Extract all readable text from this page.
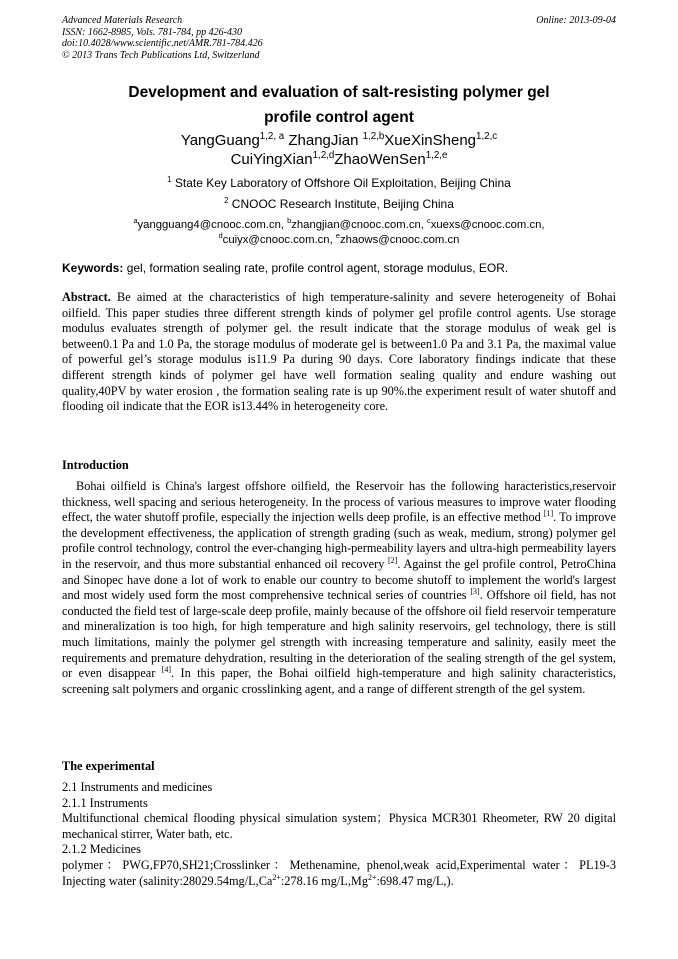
Advanced Materials Research
ISSN: 1662-8985, Vols. 781-784, pp 426-430
doi:10.4028/www.scientific.net/AMR.781-784.426
© 2013 Trans Tech Publications Ltd, Switzerland
Online: 2013-09-04
Development and evaluation of salt-resisting polymer gel
profile control agent
YangGuang$^{1,2, a}$ ZhangJian $^{1,2,b}$XueXinSheng$^{1,2,c}$
CuiYingXian$^{1,2,d}$ZhaoWenSen$^{1,2,e}$
$^1$ State Key Laboratory of Offshore Oil Exploitation, Beijing China
$^2$ CNOOC Research Institute, Beijing China
$^a$yangguang4@cnooc.com.cn, $^b$zhangjian@cnooc.com.cn, $^c$xuexs@cnooc.com.cn,
$^d$cuiyx@cnooc.com.cn, $^e$zhaows@cnooc.com.cn
Keywords: gel, formation sealing rate, profile control agent, storage modulus, EOR.
Abstract. Be aimed at the characteristics of high temperature-salinity and severe heterogeneity of Bohai oilfield. This paper studies three different strength kinds of polymer gel profile control agents. Use storage modulus evaluates strength of polymer gel. the result indicate that the storage modulus of weak gel is between0.1 Pa and 1.0 Pa, the storage modulus of moderate gel is between1.0 Pa and 3.1 Pa, the maximal value of powerful gel’s storage modulus is11.9 Pa during 90 days. Core laboratory findings indicate that these different strength kinds of polymer gel have well formation sealing quality and endure washing out quality,40PV by water erosion , the formation sealing rate is up 90%.the experiment result of water shutoff and flooding oil indicate that the EOR is13.44% in heterogeneity core.
Introduction
Bohai oilfield is China's largest offshore oilfield, the Reservoir has the following haracteristics,reservoir thickness, well spacing and serious heterogeneity. In the process of various measures to improve water flooding effect, the water shutoff profile, especially the injection wells deep profile, is an effective method [1]. To improve the development effectiveness, the application of strength grading (such as weak, medium, strong) polymer gel profile control technology, control the ever-changing high-permeability layers and ultra-high permeability layers in the reservoir, and thus more substantial enhanced oil recovery [2]. Against the gel profile control, PetroChina and Sinopec have done a lot of work to enable our country to become shutoff to implement the world's largest and most widely used form the most comprehensive technical series of countries [3]. Offshore oil field, has not conducted the field test of large-scale deep profile, mainly because of the offshore oil field reservoir temperature and mineralization is too high, for high temperature and high salinity reservoirs, gel technology, there is still much limitations, mainly the polymer gel strength with increasing temperature and salinity, easily meet the requirements and premature dehydration, resulting in the deterioration of the sealing strength of the gel system, or even disappear [4]. In this paper, the Bohai oilfield high-temperature and high salinity characteristics, screening salt polymers and organic crosslinking agent, and a range of different strength of the gel system.
The experimental
2.1 Instruments and medicines
2.1.1 Instruments
Multifunctional chemical flooding physical simulation system；Physica MCR301 Rheometer, RW 20 digital mechanical stirrer, Water bath, etc.
2.1.2 Medicines
polymer：PWG,FP70,SH21;Crosslinker：Methenamine, phenol,weak acid,Experimental water：PL19-3 Injecting water ($salinity:28029.54mg/L,Ca^{2+}:278.16$ $mg/L,Mg^{2+}:698.47$ mg/L,).
